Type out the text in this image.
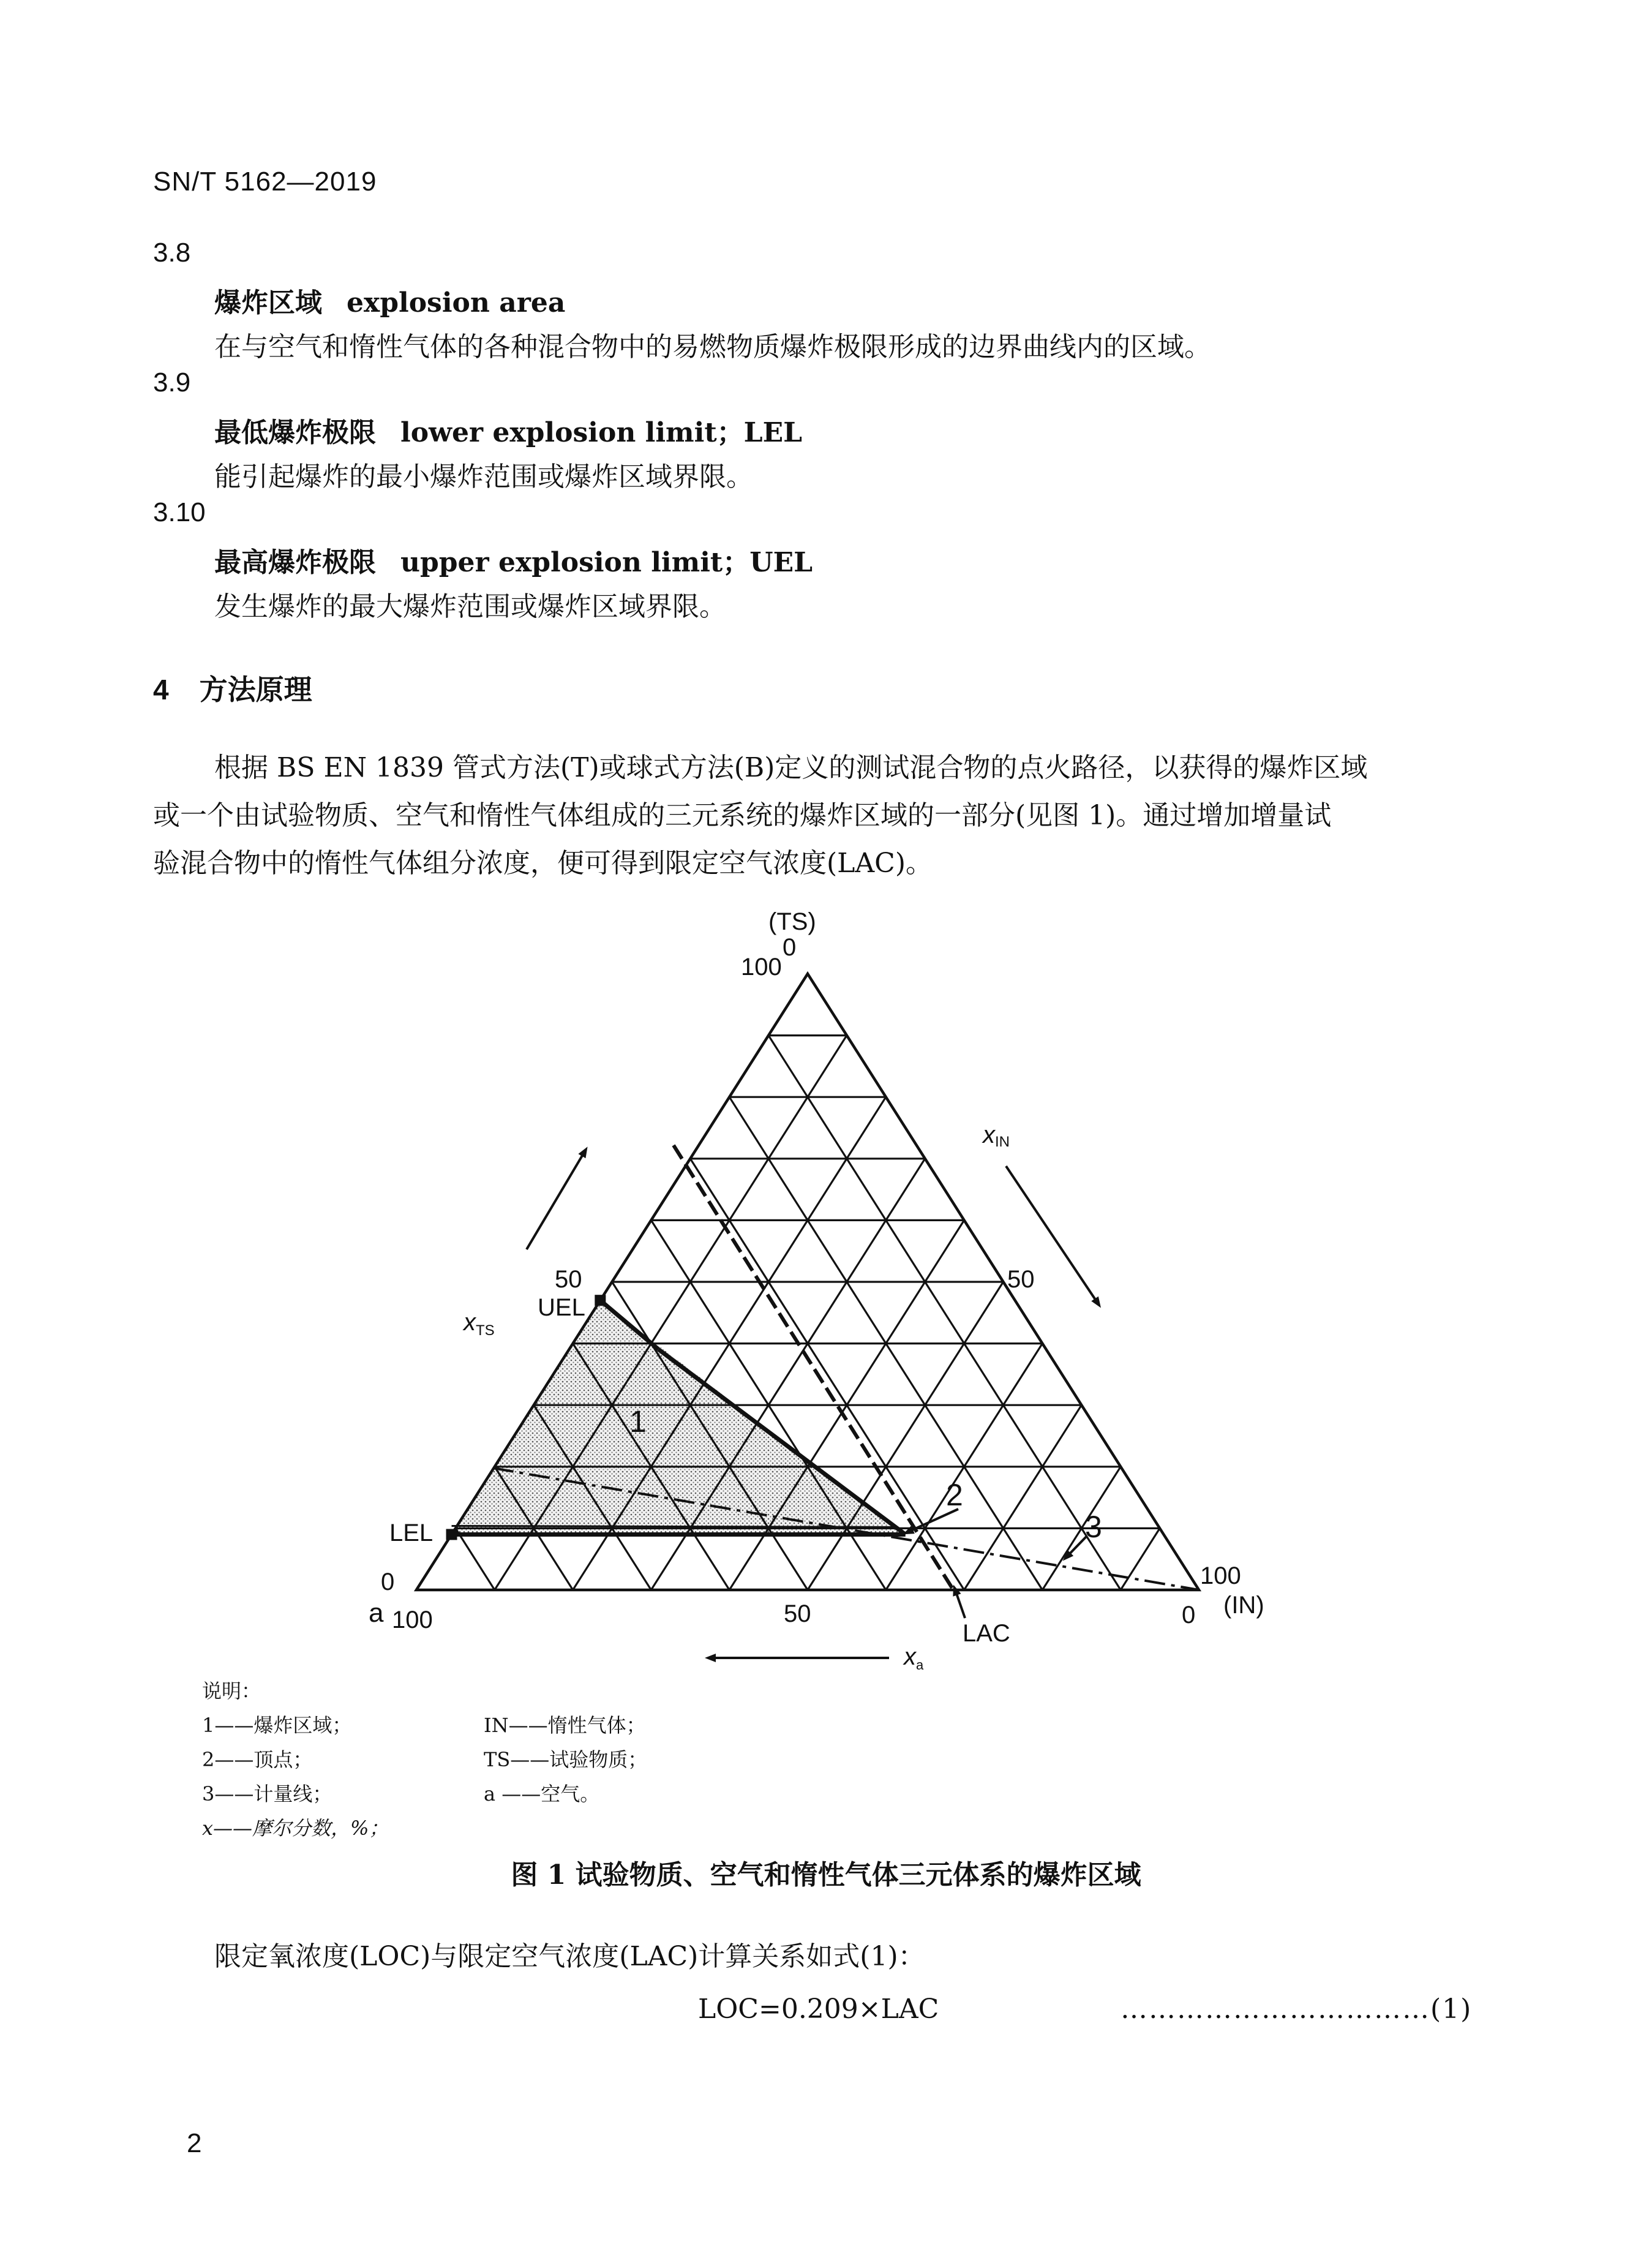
SN/T 5162—2019
3.8
爆炸区域 explosion area
在与空气和惰性气体的各种混合物中的易燃物质爆炸极限形成的边界曲线内的区域。
3.9
最低爆炸极限 lower explosion limit；LEL
能引起爆炸的最小爆炸范围或爆炸区域界限。
3.10
最高爆炸极限 upper explosion limit；UEL
发生爆炸的最大爆炸范围或爆炸区域界限。
4 方法原理

根据 BS EN 1839 管式方法(T)或球式方法(B)定义的测试混合物的点火路径，以获得的爆炸区域

或一个由试验物质、空气和惰性气体组成的三元系统的爆炸区域的一部分(见图 1)。通过增加增量试

验混合物中的惰性气体组分浓度，便可得到限定空气浓度(LAC)。

(TS)
0
100
50	50
50
0
a 100
100
(IN)
0
UEL
LEL
LAC
1
2
3
xIN
$x_{TS}$
$x_a$
说明：
1——爆炸区域；
2——顶点；
3——计量线；
x——摩尔分数，%；
IN——惰性气体；
TS——试验物质；
a ——空气。
图 1 试验物质、空气和惰性气体三元体系的爆炸区域
限定氧浓度(LOC)与限定空气浓度(LAC)计算关系如式(1)：
LOC=0.209×LAC	……………………………(1)
2
